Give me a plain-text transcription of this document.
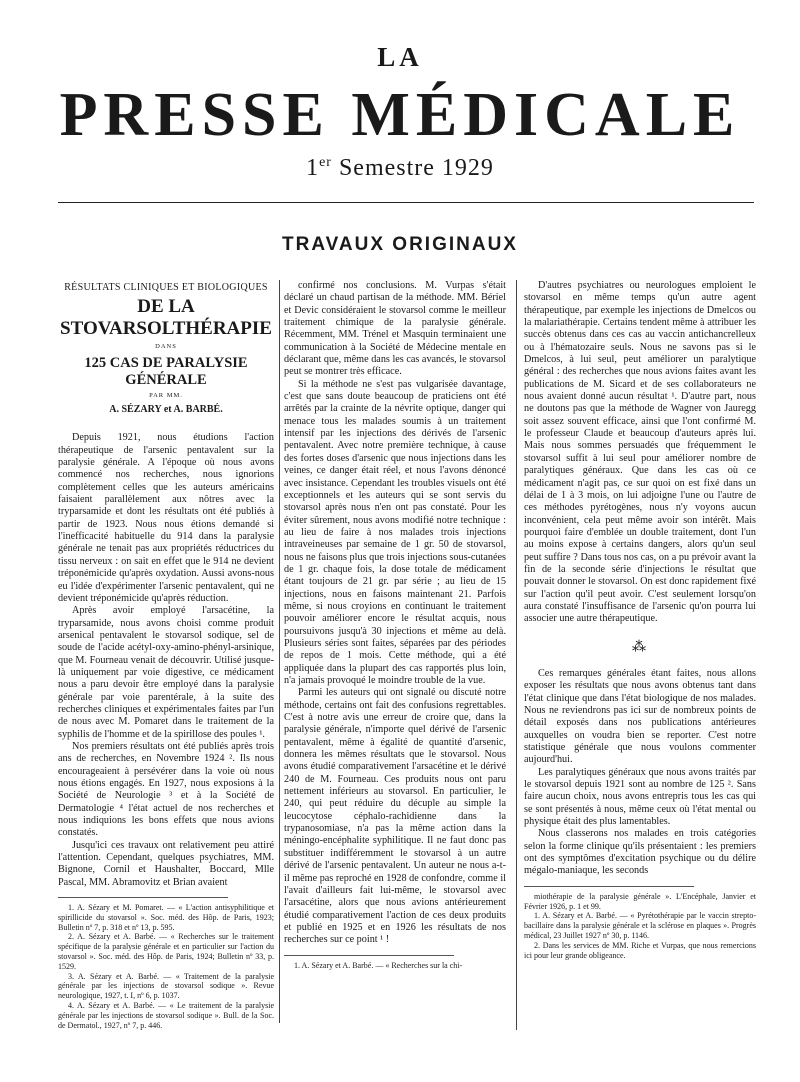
LA
PRESSE MÉDICALE
1er Semestre 1929
TRAVAUX ORIGINAUX
RÉSULTATS CLINIQUES ET BIOLOGIQUES
DE LA STOVARSOLTHÉRAPIE
DANS
125 CAS DE PARALYSIE GÉNÉRALE
PAR MM.
A. SÉZARY et A. BARBÉ.

Depuis 1921, nous étudions l'action thérapeutique de l'arsenic pentavalent sur la paralysie générale. A l'époque où nous avons commencé nos recherches, nous ignorions complètement celles que les auteurs américains faisaient parallèlement aux nôtres avec la tryparsamide et dont les résultats ont été publiés à partir de 1923. Nous nous étions demandé si l'inefficacité habituelle du 914 dans la paralysie générale ne tenait pas aux propriétés réductrices du tissu nerveux : on sait en effet que le 914 ne devient tréponémicide qu'après oxydation. Aussi avons-nous eu l'idée d'expérimenter l'arsenic pentavalent, qui ne devient tréponémicide qu'après réduction.

Après avoir employé l'arsacétine, la tryparsamide, nous avons choisi comme produit arsenical pentavalent le stovarsol sodique, sel de soude de l'acide acétyl-oxy-amino-phényl-arsinique, que M. Fourneau venait de découvrir. Utilisé jusque-là uniquement par voie digestive, ce médicament nous a paru devoir être employé dans la paralysie générale par voie parentérale, à la suite des recherches cliniques et expérimentales faites par l'un de nous avec M. Pomaret dans le traitement de la syphilis de l'homme et de la spirillose des poules ¹.

Nos premiers résultats ont été publiés après trois ans de recherches, en Novembre 1924 ². Ils nous encourageaient à persévérer dans la voie où nous nous étions engagés. En 1927, nous exposions à la Société de Neurologie ³ et à la Société de Dermatologie ⁴ l'état actuel de nos recherches et nous indiquions les bons effets que nous avions constatés.

Jusqu'ici ces travaux ont relativement peu attiré l'attention. Cependant, quelques psychiatres, MM. Bignone, Cornil et Haushalter, Boccard, Mlle Pascal, MM. Abramovitz et Brian avaient

1. A. Sézary et M. Pomaret. — « L'action antisyphilitique et spirillicide du stovarsol ». Soc. méd. des Hôp. de Paris, 1923; Bulletin nº 7, p. 318 et nº 13, p. 595.

2. A. Sézary et A. Barbé. — « Recherches sur le traitement spécifique de la paralysie générale et en particulier sur l'action du stovarsol ». Soc. méd. des Hôp. de Paris, 1924; Bulletin nº 33, p. 1529.

3. A. Sézary et A. Barbé. — « Traitement de la paralysie générale par les injections de stovarsol sodique ». Revue neurologique, 1927, t. I, nº 6, p. 1037.

4. A. Sézary et A. Barbé. — « Le traitement de la paralysie générale par les injections de stovarsol sodique ». Bull. de la Soc. de Dermatol., 1927, nº 7, p. 446.

confirmé nos conclusions. M. Vurpas s'était déclaré un chaud partisan de la méthode. MM. Bériel et Devic considéraient le stovarsol comme le meilleur traitement chimique de la paralysie générale. Récemment, MM. Trénel et Masquin terminaient une communication à la Société de Médecine mentale en déclarant que, même dans les cas avancés, le stovarsol peut se montrer très efficace.

Si la méthode ne s'est pas vulgarisée davantage, c'est que sans doute beaucoup de praticiens ont été arrêtés par la crainte de la névrite optique, danger qui menace tous les malades soumis à un traitement intensif par les injections des dérivés de l'arsenic pentavalent. Avec notre première technique, à cause des fortes doses d'arsenic que nous injections dans les veines, ce danger était réel, et nous l'avons dénoncé avec insistance. Cependant les troubles visuels ont été exceptionnels et les auteurs qui se sont servis du stovarsol après nous n'en ont pas constaté. Pour les éviter sûrement, nous avons modifié notre technique : au lieu de faire à nos malades trois injections intraveineuses par semaine de 1 gr. 50 de stovarsol, nous ne faisons plus que trois injections sous-cutanées de 1 gr. chaque fois, la dose totale de médicament étant toujours de 21 gr. par série ; au lieu de 15 injections, nous en faisons maintenant 21. Parfois même, si nous croyions en continuant le traitement pouvoir améliorer encore le résultat acquis, nous poursuivons jusqu'à 30 injections et même au delà. Plusieurs séries sont faites, séparées par des périodes de repos de 1 mois. Cette méthode, qui a été appliquée dans la plupart des cas rapportés plus loin, n'a jamais provoqué le moindre trouble de la vue.

Parmi les auteurs qui ont signalé ou discuté notre méthode, certains ont fait des confusions regrettables. C'est à notre avis une erreur de croire que, dans la paralysie générale, n'importe quel dérivé de l'arsenic pentavalent, même à égalité de quantité d'arsenic, donnera les mêmes résultats que le stovarsol. Nous avons étudié comparativement l'arsacétine et le dérivé 240 de M. Fourneau. Ces produits nous ont paru nettement inférieurs au stovarsol. En particulier, le 240, qui peut réduire du décuple au simple la leucocytose céphalo-rachidienne dans la trypanosomiase, n'a pas la même action dans la méningo-encéphalite syphilitique. Il ne faut donc pas substituer indifféremment le stovarsol à un autre dérivé de l'arsenic pentavalent. Un auteur ne nous a-t-il même pas reproché en 1928 de confondre, comme il l'avait d'ailleurs fait lui-même, le stovarsol avec l'arsacétine, alors que nous avions antérieurement étudié comparativement l'action de ces deux produits et publié en 1925 et en 1926 les résultats de nos recherches sur ce point ¹ !

1. A. Sézary et A. Barbé. — « Recherches sur la chi-

D'autres psychiatres ou neurologues emploient le stovarsol en même temps qu'un autre agent thérapeutique, par exemple les injections de Dmelcos ou la malariathérapie. Certains tendent même à attribuer les succès obtenus dans ces cas au vaccin antichancrelleux ou à l'hématozaire seuls. Nous ne savons pas si le Dmelcos, à lui seul, peut améliorer un paralytique général : des recherches que nous avions faites avant les publications de M. Sicard et de ses collaborateurs ne nous avaient donné aucun résultat ¹. D'autre part, nous ne doutons pas que la méthode de Wagner von Jauregg soit assez souvent efficace, ainsi que l'ont confirmé M. le professeur Claude et beaucoup d'auteurs après lui. Mais nous sommes persuadés que fréquemment le stovarsol suffit à lui seul pour améliorer nombre de paralytiques généraux. Que dans les cas où ce médicament n'agit pas, ce sur quoi on est fixé dans un délai de 1 à 3 mois, on lui adjoigne l'une ou l'autre de ces méthodes pyrétogènes, nous n'y voyons aucun inconvénient, cela peut même avoir son intérêt. Mais pourquoi faire d'emblée un double traitement, dont l'un au moins expose à certains dangers, alors qu'un seul peut suffire ? Dans tous nos cas, on a pu prévoir avant la fin de la seconde série d'injections le résultat que pouvait donner le stovarsol. On est donc rapidement fixé sur l'action qu'il peut avoir. C'est seulement lorsqu'on aura constaté l'insuffisance de l'arsenic qu'on pourra lui associer une autre thérapeutique.

⁂

Ces remarques générales étant faites, nous allons exposer les résultats que nous avons obtenus tant dans l'état clinique que dans l'état biologique de nos malades. Nous ne reviendrons pas ici sur de nombreux points de détail exposés dans nos publications antérieures auxquelles on voudra bien se reporter. C'est notre statistique générale que nous voulons commenter aujourd'hui.

Les paralytiques généraux que nous avons traités par le stovarsol depuis 1921 sont au nombre de 125 ². Sans faire aucun choix, nous avons entrepris tous les cas qui se sont présentés à nous, même ceux où l'état mental ou physique était des plus lamentables.

Nous classerons nos malades en trois catégories selon la forme clinique qu'ils présentaient : les premiers ont des symptômes d'excitation psychique ou du délire mégalo-maniaque, les seconds

miothérapie de la paralysie générale ». L'Encéphale, Janvier et Février 1926, p. 1 et 99.

1. A. Sézary et A. Barbé. — « Pyrétothérapie par le vaccin strepto-bacillaire dans la paralysie générale et la sclérose en plaques ». Progrès médical, 23 Juillet 1927 nº 30, p. 1146.

2. Dans les services de MM. Riche et Vurpas, que nous remercions ici pour leur grande obligeance.
